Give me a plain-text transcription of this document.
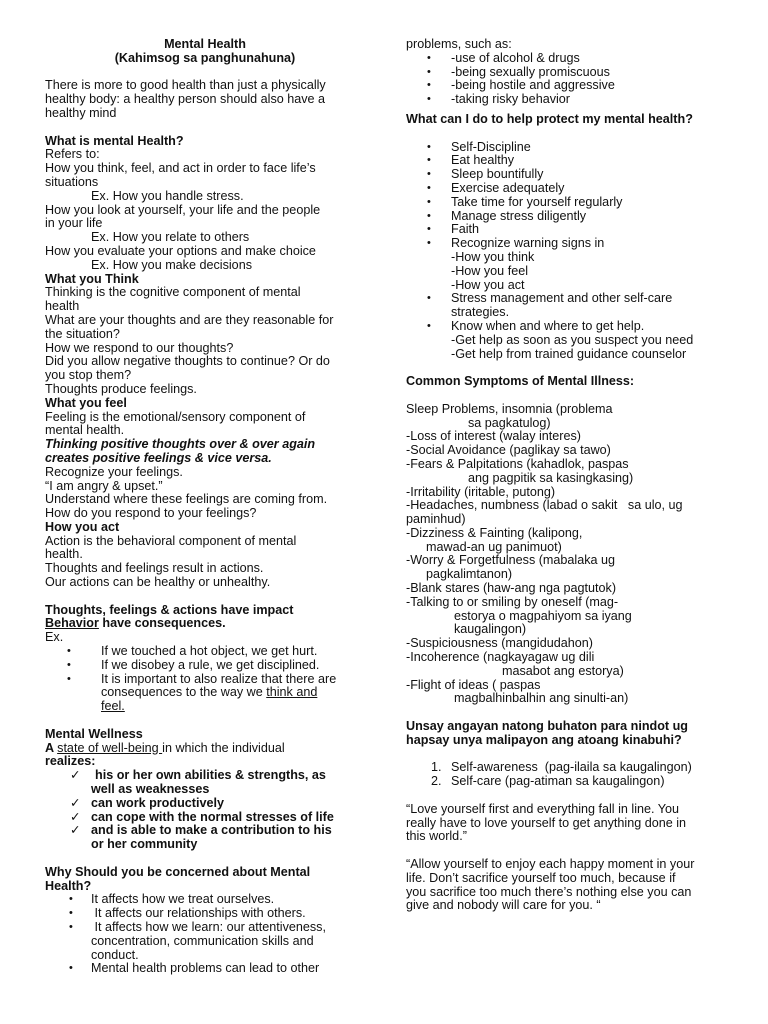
Mental Health
(Kahimsog sa panghunahuna)
There is more to good health than just a physically
healthy body: a healthy person should also have a
healthy mind
What is mental Health?
Refers to:
How you think, feel, and act in order to face life’s
situations
Ex. How you handle stress.
How you look at yourself, your life and the people
in your life
Ex. How you relate to others
How you evaluate your options and make choice
Ex. How you make decisions
What you Think
Thinking is the cognitive component of mental
health
What are your thoughts and are they reasonable for
the situation?
How we respond to our thoughts?
Did you allow negative thoughts to continue? Or do
you stop them?
Thoughts produce feelings.
What you feel
Feeling is the emotional/sensory component of
mental health.
Thinking positive thoughts over & over again
creates positive feelings & vice versa.
Recognize your feelings.
“I am angry & upset.”
Understand where these feelings are coming from.
How do you respond to your feelings?
How you act
Action is the behavioral component of mental
health.
Thoughts and feelings result in actions.
Our actions can be healthy or unhealthy.
Thoughts, feelings & actions have impact
Behavior have consequences.
Ex.
• If we touched a hot object, we get hurt.
• If we disobey a rule, we get disciplined.
• It is important to also realize that there are
consequences to the way we think and
feel.
Mental Wellness
A state of well-being in which the individual
realizes:
✓ his or her own abilities & strengths, as
well as weaknesses
✓ can work productively
✓ can cope with the normal stresses of life
✓ and is able to make a contribution to his
or her community
Why Should you be concerned about Mental
Health?
• It affects how we treat ourselves.
• It affects our relationships with others.
• It affects how we learn: our attentiveness,
concentration, communication skills and
conduct.
• Mental health problems can lead to other
problems, such as:
• -use of alcohol & drugs
• -being sexually promiscuous
• -being hostile and aggressive
• -taking risky behavior
What can I do to help protect my mental health?
• Self-Discipline
• Eat healthy
• Sleep bountifully
• Exercise adequately
• Take time for yourself regularly
• Manage stress diligently
• Faith
• Recognize warning signs in
-How you think
-How you feel
-How you act
• Stress management and other self-care
strategies.
• Know when and where to get help.
-Get help as soon as you suspect you need
-Get help from trained guidance counselor
Common Symptoms of Mental Illness:
Sleep Problems, insomnia (problema
sa pagkatulog)
-Loss of interest (walay interes)
-Social Avoidance (paglikay sa tawo)
-Fears & Palpitations (kahadlok, paspas
ang pagpitik sa kasingkasing)
-Irritability (iritable, putong)
-Headaches, numbness (labad o sakit   sa ulo, ug
paminhud)
-Dizziness & Fainting (kalipong,
mawad-an ug panimuot)
-Worry & Forgetfulness (mabalaka ug
pagkalimtanon)
-Blank stares (haw-ang nga pagtutok)
-Talking to or smiling by oneself (mag-
estorya o magpahiyom sa iyang
kaugalingon)
-Suspiciousness (mangidudahon)
-Incoherence (nagkayagaw ug dili
masabot ang estorya)
-Flight of ideas ( paspas
magbalhinbalhin ang sinulti-an)
Unsay angayan natong buhaton para nindot ug
hapsay unya malipayon ang atoang kinabuhi?
1. Self-awareness  (pag-ilaila sa kaugalingon)
2. Self-care (pag-atiman sa kaugalingon)
“Love yourself first and everything fall in line. You
really have to love yourself to get anything done in
this world.”
“Allow yourself to enjoy each happy moment in your
life. Don’t sacrifice yourself too much, because if
you sacrifice too much there’s nothing else you can
give and nobody will care for you. “
